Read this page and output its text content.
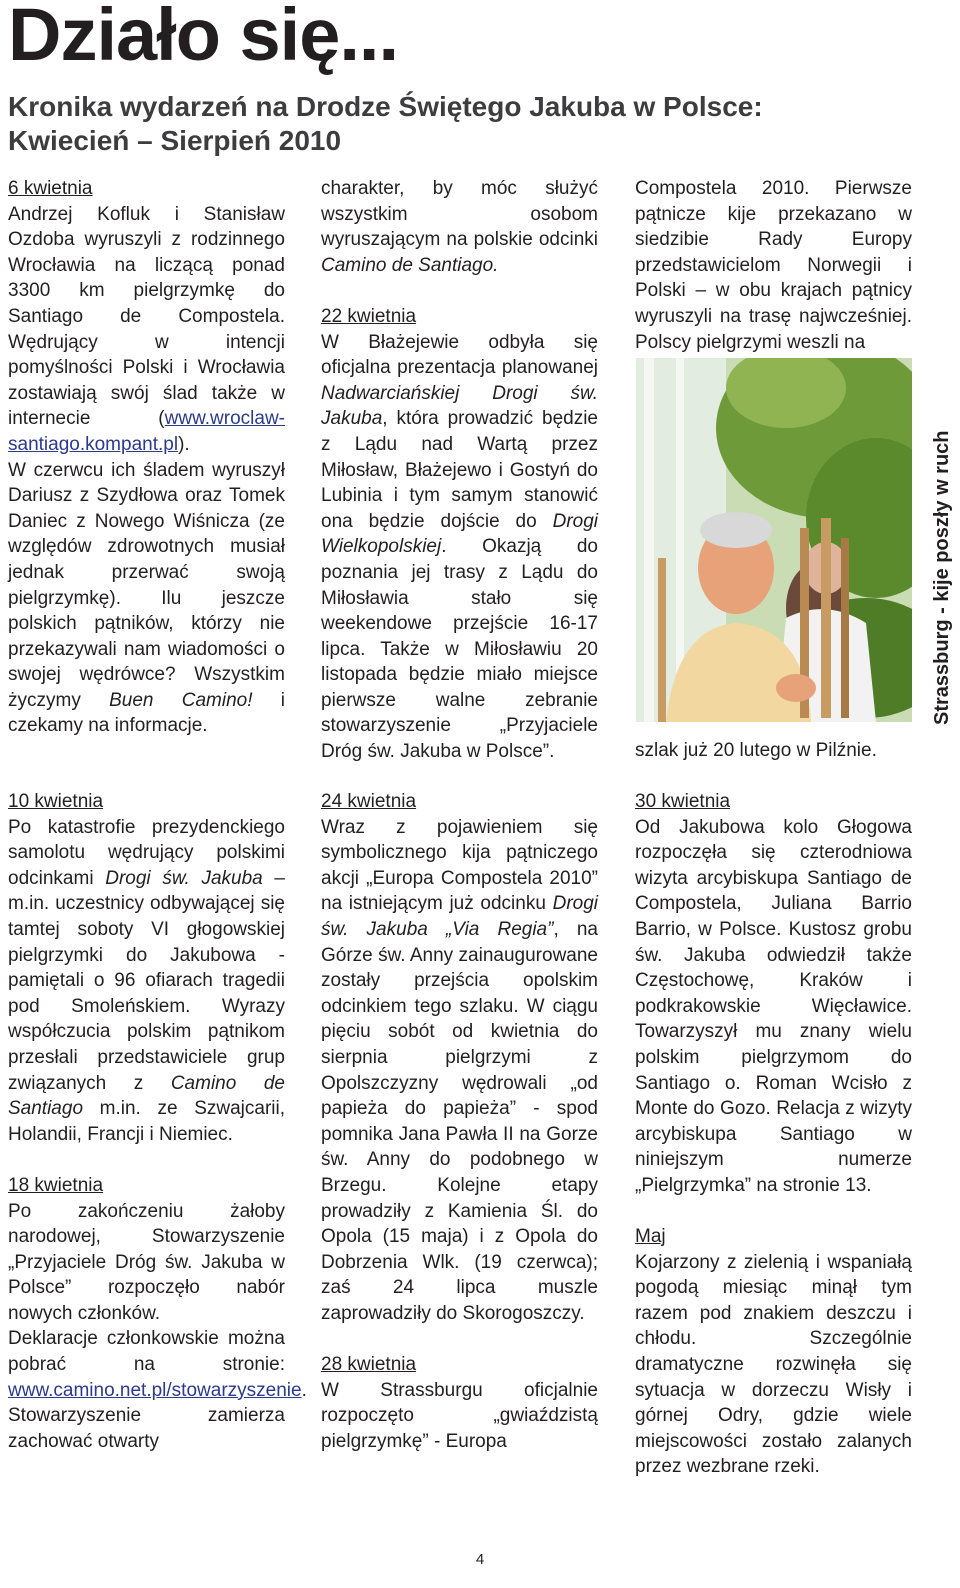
Działo się...
Kronika wydarzeń na Drodze Świętego Jakuba w Polsce:
Kwiecień – Sierpień 2010

6 kwietnia

Andrzej Kofluk i Stanisław Ozdoba wyruszyli z rodzinnego Wrocławia na liczącą ponad 3300 km pielgrzymkę do Santiago de Compostela. Wędrujący w intencji pomyślności Polski i Wrocławia zostawiają swój ślad także w internecie (www.wroclaw-santiago.kompant.pl).

W czerwcu ich śladem wyruszył Dariusz z Szydłowa oraz Tomek Daniec z Nowego Wiśnicza (ze względów zdrowotnych musiał jednak przerwać swoją pielgrzymkę). Ilu jeszcze polskich pątników, którzy nie przekazywali nam wiadomości o swojej wędrówce? Wszystkim życzymy Buen Camino! i czekamy na informacje.

10 kwietnia

Po katastrofie prezydenckiego samolotu wędrujący polskimi odcinkami Drogi św. Jakuba – m.in. uczestnicy odbywającej się tamtej soboty VI głogowskiej pielgrzymki do Jakubowa - pamiętali o 96 ofiarach tragedii pod Smoleńskiem. Wyrazy współczucia polskim pątnikom przesłali przedstawiciele grup związanych z Camino de Santiago m.in. ze Szwajcarii, Holandii, Francji i Niemiec.

18 kwietnia

Po zakończeniu żałoby narodowej, Stowarzyszenie „Przyjaciele Dróg św. Jakuba w Polsce” rozpoczęło nabór nowych członków.

Deklaracje członkowskie można pobrać na stronie: www.camino.net.pl/stowarzyszenie. Stowarzyszenie zamierza zachować otwarty

charakter, by móc służyć wszystkim osobom wyruszającym na polskie odcinki Camino de Santiago.

22 kwietnia

W Błażejewie odbyła się oficjalna prezentacja planowanej Nadwarciańskiej Drogi św. Jakuba, która prowadzić będzie z Lądu nad Wartą przez Miłosław, Błażejewo i Gostyń do Lubinia i tym samym stanowić ona będzie dojście do Drogi Wielkopolskiej. Okazją do poznania jej trasy z Lądu do Miłosławia stało się weekendowe przejście 16-17 lipca. Także w Miłosławiu 20 listopada będzie miało miejsce pierwsze walne zebranie stowarzyszenie „Przyjaciele Dróg św. Jakuba w Polsce”.

24 kwietnia

Wraz z pojawieniem się symbolicznego kija pątniczego akcji „Europa Compostela 2010” na istniejącym już odcinku Drogi św. Jakuba „Via Regia”, na Górze św. Anny zainaugurowane zostały przejścia opolskim odcinkiem tego szlaku. W ciągu pięciu sobót od kwietnia do sierpnia pielgrzymi z Opolszczyzny wędrowali „od papieża do papieża” - spod pomnika Jana Pawła II na Gorze św. Anny do podobnego w Brzegu. Kolejne etapy prowadziły z Kamienia Śl. do Opola (15 maja) i z Opola do Dobrzenia Wlk. (19 czerwca); zaś 24 lipca muszle zaprowadziły do Skorogoszczy.

28 kwietnia

W Strassburgu oficjalnie rozpoczęto „gwiaździstą pielgrzymkę” - Europa

Compostela 2010. Pierwsze pątnicze kije przekazano w siedzibie Rady Europy przedstawicielom Norwegii i Polski – w obu krajach pątnicy wyruszyli na trasę najwcześniej. Polscy pielgrzymi weszli na

Strassburg - kije poszły w ruch

szlak już 20 lutego w Pilźnie.

30 kwietnia

Od Jakubowa kolo Głogowa rozpoczęła się czterodniowa wizyta arcybiskupa Santiago de Compostela, Juliana Barrio Barrio, w Polsce. Kustosz grobu św. Jakuba odwiedził także Częstochowę, Kraków i podkrakowskie Więcławice. Towarzyszył mu znany wielu polskim pielgrzymom do Santiago o. Roman Wcisło z Monte do Gozo. Relacja z wizyty arcybiskupa Santiago w niniejszym numerze „Pielgrzymka” na stronie 13.

Maj

Kojarzony z zielenią i wspaniałą pogodą miesiąc minął tym razem pod znakiem deszczu i chłodu. Szczególnie dramatyczne rozwinęła się sytuacja w dorzeczu Wisły i górnej Odry, gdzie wiele miejscowości zostało zalanych przez wezbrane rzeki.

4
